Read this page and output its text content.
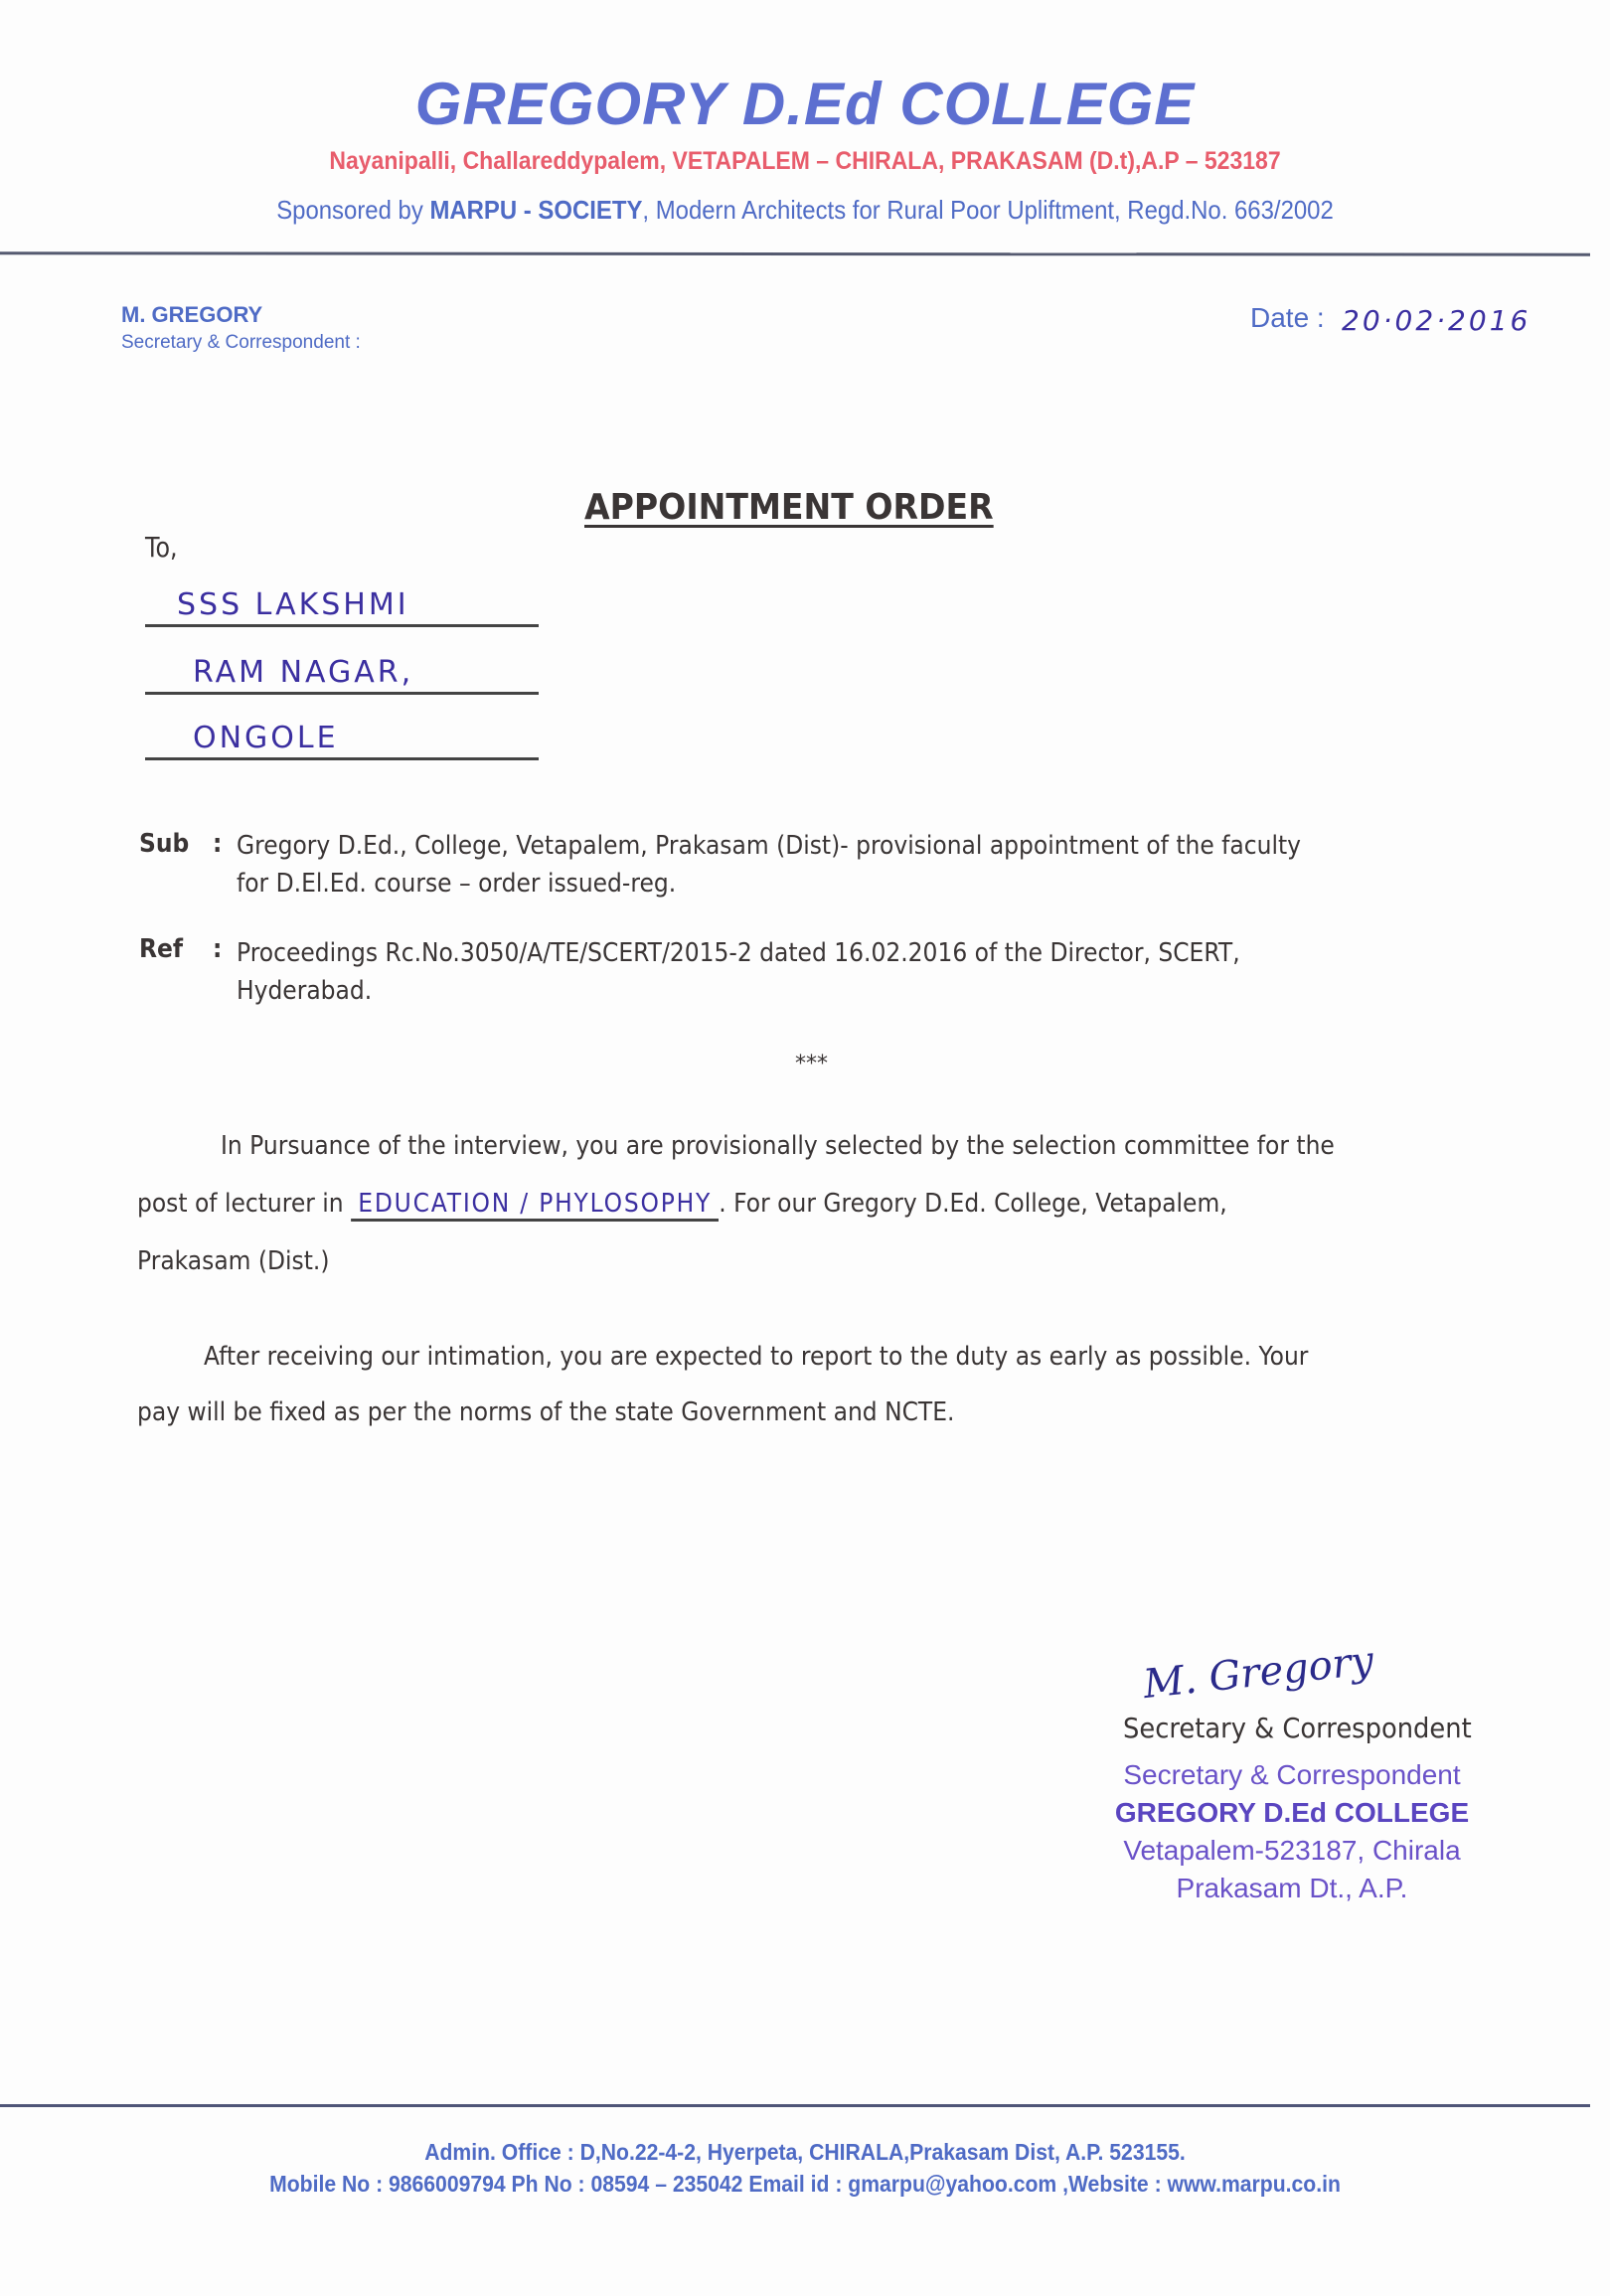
GREGORY D.Ed COLLEGE
Nayanipalli, Challareddypalem, VETAPALEM – CHIRALA, PRAKASAM (D.t),A.P – 523187
Sponsored by MARPU - SOCIETY, Modern Architects for Rural Poor Upliftment, Regd.No. 663/2002
M. GREGORY
Secretary & Correspondent :
Date : 20·02·2016
APPOINTMENT ORDER
To,
SSS LAKSHMI
RAM NAGAR,
ONGOLE
Sub : Gregory D.Ed., College, Vetapalem, Prakasam (Dist)- provisional appointment of the faculty
for D.El.Ed. course – order issued-reg.
Ref : Proceedings Rc.No.3050/A/TE/SCERT/2015-2 dated 16.02.2016 of the Director, SCERT,
Hyderabad.
***
In Pursuance of the interview, you are provisionally selected by the selection committee for the
post of lecturer in EDUCATION / PHYLOSOPHY . For our Gregory D.Ed. College, Vetapalem,
Prakasam (Dist.)
After receiving our intimation, you are expected to report to the duty as early as possible. Your
pay will be fixed as per the norms of the state Government and NCTE.
M. Gregory
Secretary & Correspondent
Secretary & Correspondent
GREGORY D.Ed COLLEGE
Vetapalem-523187, Chirala
Prakasam Dt., A.P.
Admin. Office : D,No.22-4-2, Hyerpeta, CHIRALA,Prakasam Dist, A.P. 523155.
Mobile No : 9866009794 Ph No : 08594 – 235042 Email id : gmarpu@yahoo.com ,Website : www.marpu.co.in
